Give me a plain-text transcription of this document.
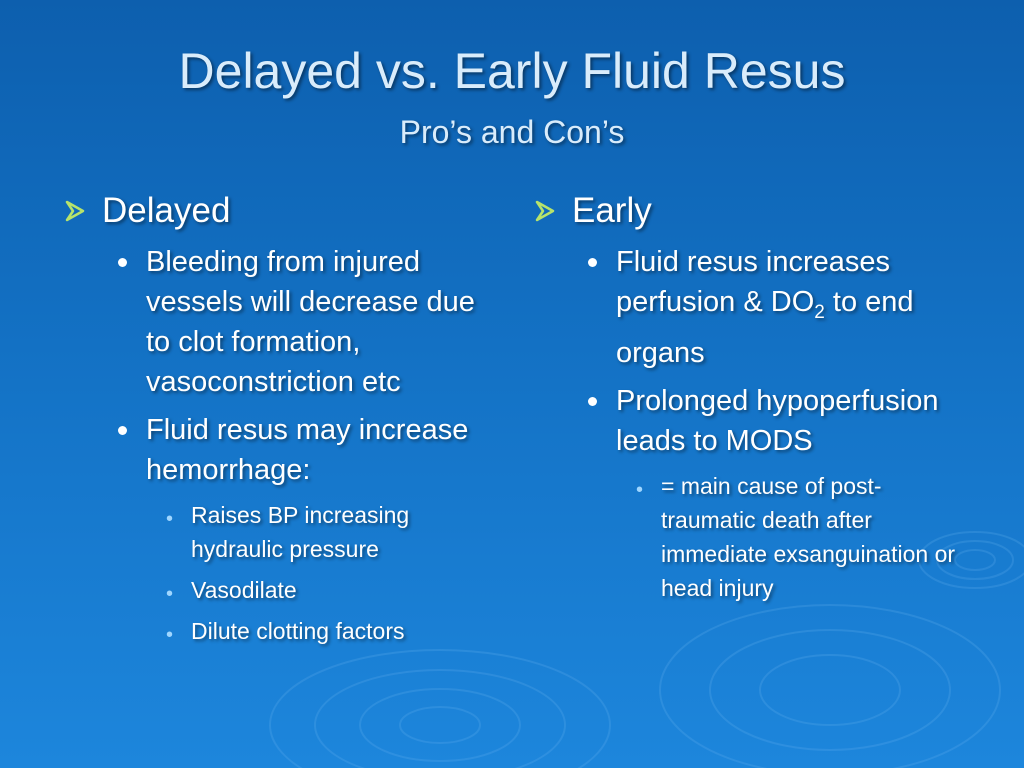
Delayed vs. Early Fluid Resus
Pro’s and Con’s
Delayed
Bleeding from injured vessels will decrease due to clot formation, vasoconstriction etc
Fluid resus may increase hemorrhage:
• Raises BP increasing hydraulic pressure
• Vasodilate
• Dilute clotting factors
Early
Fluid resus increases perfusion & $DO_2$ to end organs
Prolonged hypoperfusion leads to MODS
• = main cause of post-traumatic death after immediate exsanguination or head injury
